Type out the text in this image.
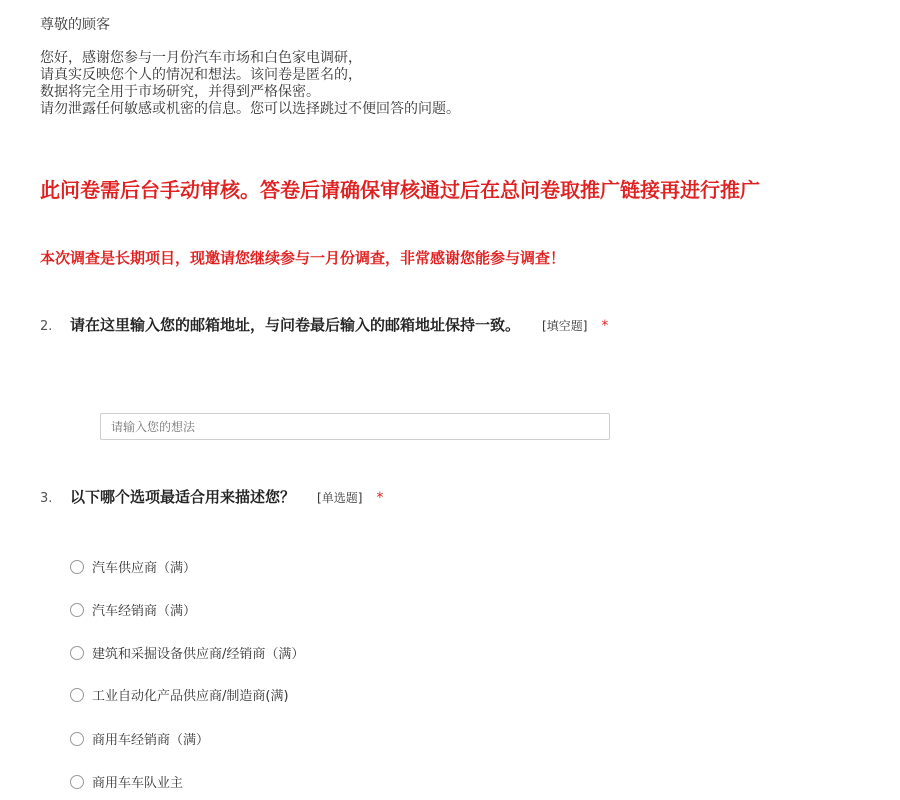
尊敬的顾客
您好，感谢您参与一月份汽车市场和白色家电调研，
请真实反映您个人的情况和想法。该问卷是匿名的，
数据将完全用于市场研究，并得到严格保密。
请勿泄露任何敏感或机密的信息。您可以选择跳过不便回答的问题。
此问卷需后台手动审核。答卷后请确保审核通过后在总问卷取推广链接再进行推广
本次调查是长期项目，现邀请您继续参与一月份调查，非常感谢您能参与调查！
2.	请在这里输入您的邮箱地址，与问卷最后输入的邮箱地址保持一致。 [填空题] *
请输入您的想法
3.	以下哪个选项最适合用来描述您？ [单选题] *
汽车供应商（满）
汽车经销商（满）
建筑和采掘设备供应商/经销商（满）
工业自动化产品供应商/制造商(满)
商用车经销商（满）
商用车车队业主
